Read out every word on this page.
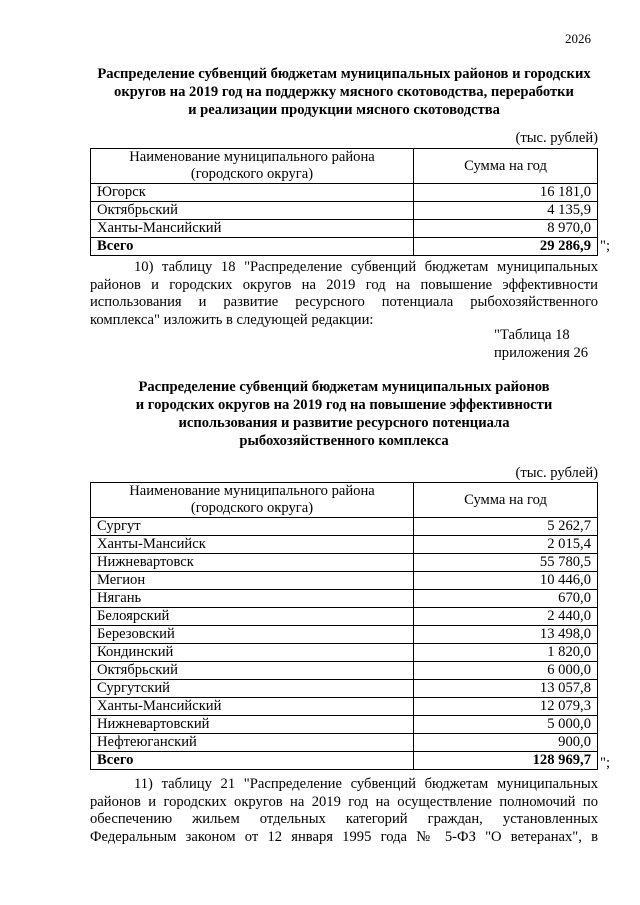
2026
Распределение субвенций бюджетам муниципальных районов и городских
округов на 2019 год на поддержку мясного скотоводства, переработки
и реализации продукции мясного скотоводства
(тыс. рублей)
Наименование муниципального района
(городского округа)	Сумма на год
Югорск	16 181,0
Октябрьский	4 135,9
Ханты-Мансийский	8 970,0
Всего	29 286,9 ";
10) таблицу 18 "Распределение субвенций бюджетам муниципальных
районов и городских округов на 2019 год на повышение эффективности
использования и развитие ресурсного потенциала рыбохозяйственного
комплекса" изложить в следующей редакции:
"Таблица 18
приложения 26
Распределение субвенций бюджетам муниципальных районов
и городских округов на 2019 год на повышение эффективности
использования и развитие ресурсного потенциала
рыбохозяйственного комплекса
(тыс. рублей)
Наименование муниципального района
(городского округа)	Сумма на год
Сургут	5 262,7
Ханты-Мансийск	2 015,4
Нижневартовск	55 780,5
Мегион	10 446,0
Нягань	670,0
Белоярский	2 440,0
Березовский	13 498,0
Кондинский	1 820,0
Октябрьский	6 000,0
Сургутский	13 057,8
Ханты-Мансийский	12 079,3
Нижневартовский	5 000,0
Нефтеюганский	900,0
Всего	128 969,7 ";
11) таблицу 21 "Распределение субвенций бюджетам муниципальных
районов и городских округов на 2019 год на осуществление полномочий по
обеспечению жильем отдельных категорий граждан, установленных
Федеральным законом от 12 января 1995 года № 5-ФЗ "О ветеранах", в
